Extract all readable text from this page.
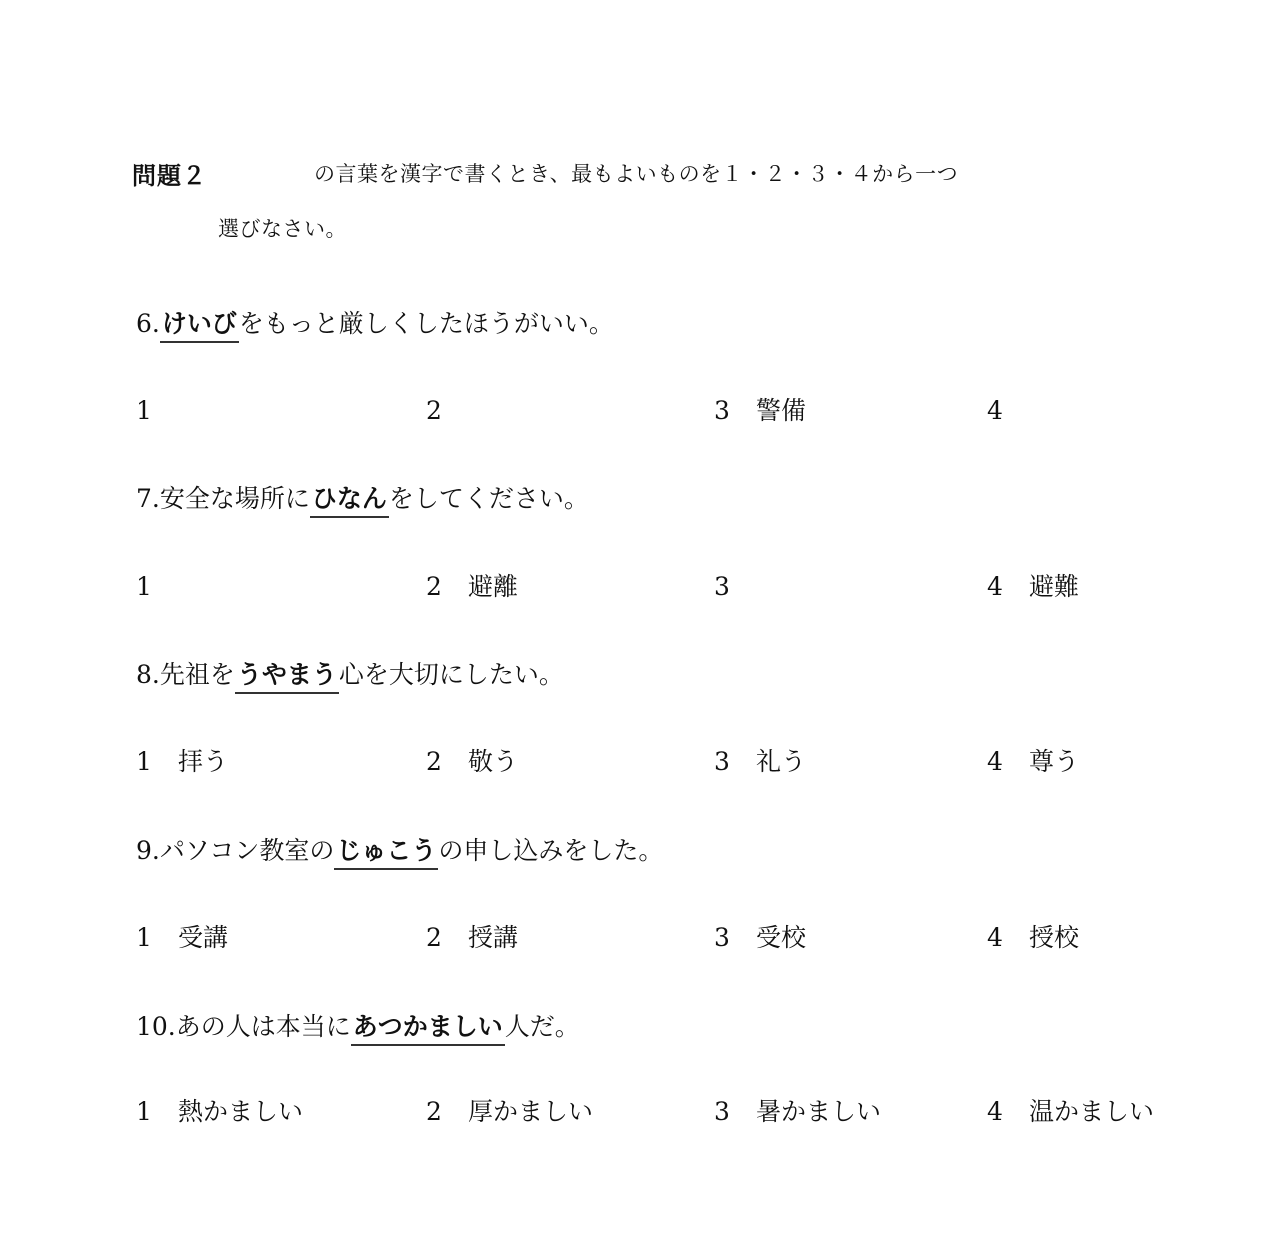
問題２	の言葉を漢字で書くとき、最もよいものを１・２・３・４から一つ
選びなさい。
6.けいびをもっと厳しくしたほうがいい。
1	2	3 警備	4
7.安全な場所にひなんをしてください。
1	2 避離	3	4 避難
8.先祖をうやまう心を大切にしたい。
1 拝う	2 敬う	3 礼う	4 尊う
9.パソコン教室のじゅこうの申し込みをした。
1 受講	2 授講	3 受校	4 授校
10.あの人は本当にあつかましい人だ。
1 熱かましい	2 厚かましい	3 暑かましい	4 温かましい
